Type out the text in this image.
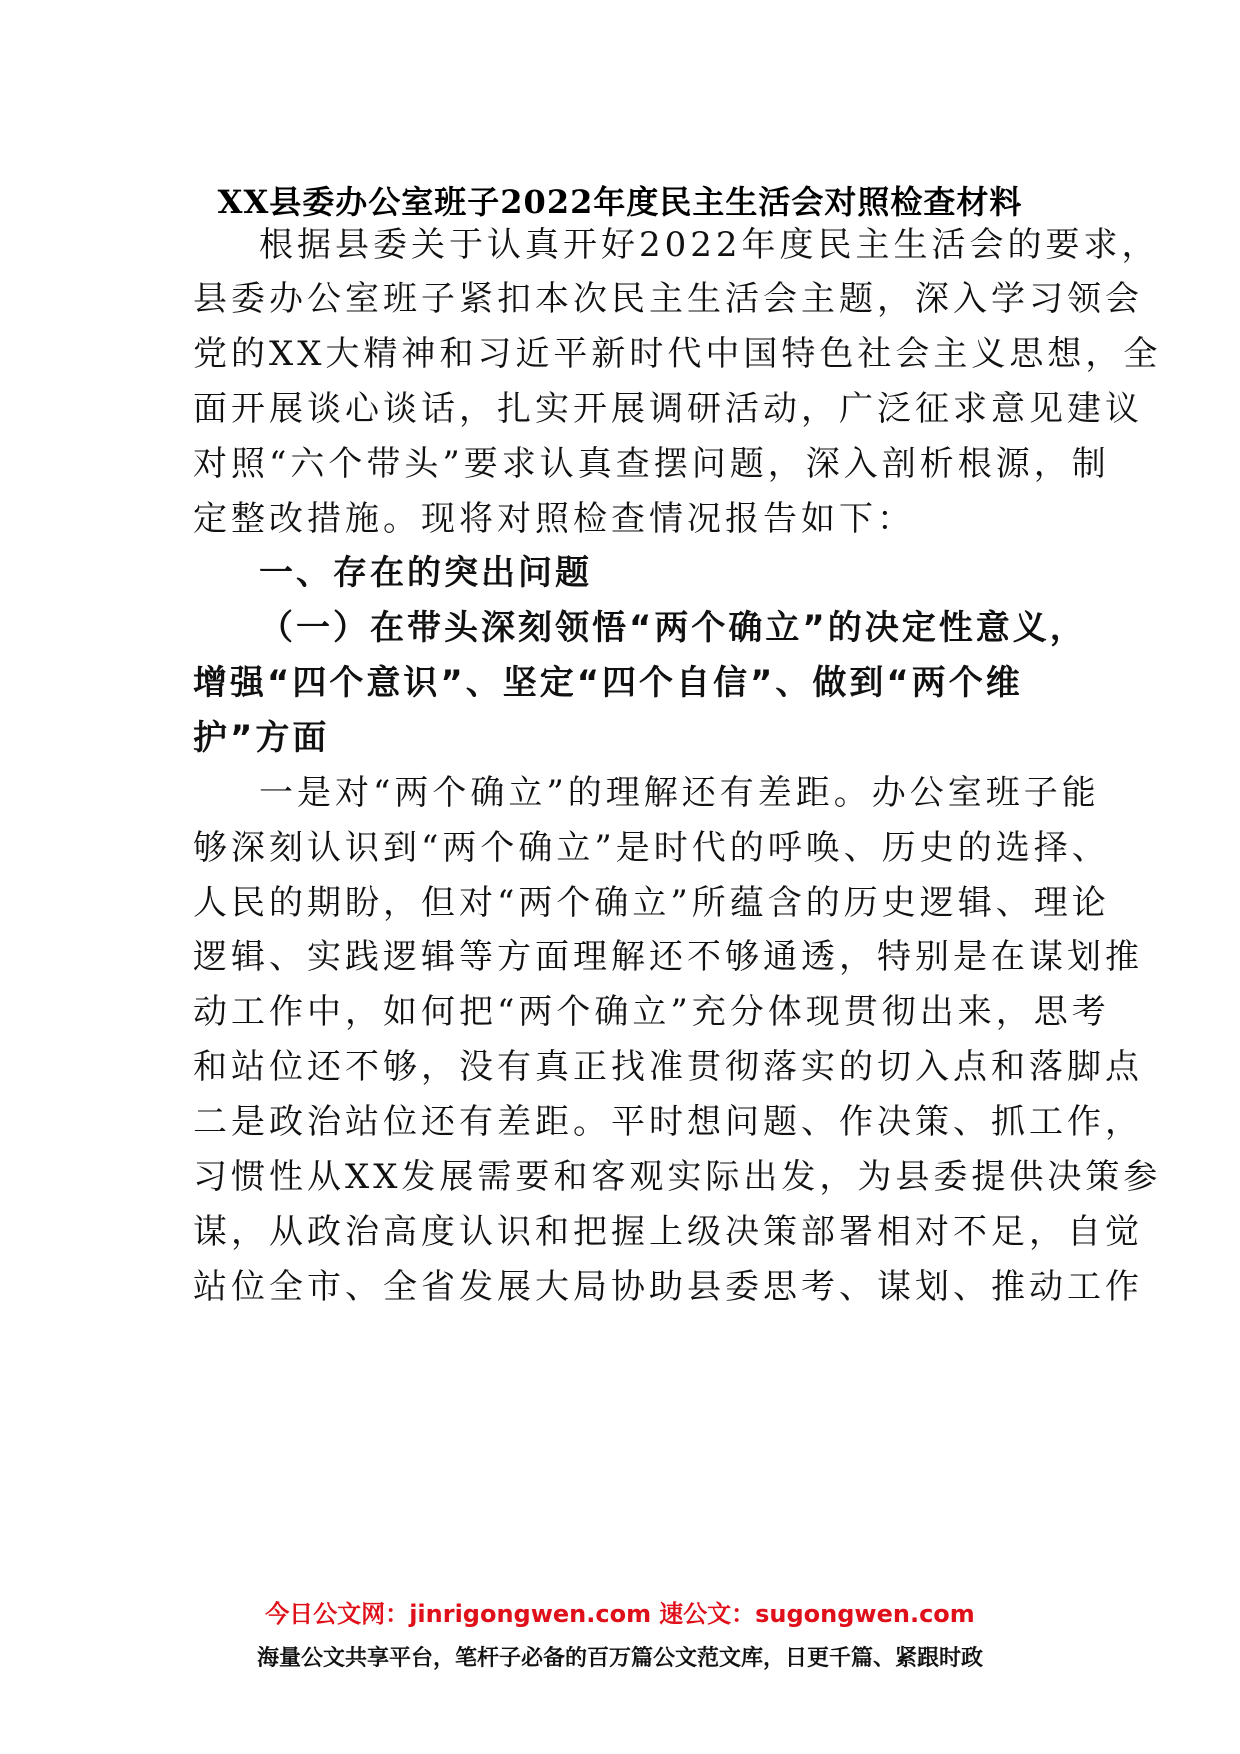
XX县委办公室班子2022年度民主生活会对照检查材料
根据县委关于认真开好2022年度民主生活会的要求，
县委办公室班子紧扣本次民主生活会主题，深入学习领会
党的XX大精神和习近平新时代中国特色社会主义思想，全
面开展谈心谈话，扎实开展调研活动，广泛征求意见建议
对照“六个带头”要求认真查摆问题，深入剖析根源，制
定整改措施。现将对照检查情况报告如下：
一、存在的突出问题
（一）在带头深刻领悟“两个确立”的决定性意义，
增强“四个意识”、坚定“四个自信”、做到“两个维
护”方面
一是对“两个确立”的理解还有差距。办公室班子能
够深刻认识到“两个确立”是时代的呼唤、历史的选择、
人民的期盼，但对“两个确立”所蕴含的历史逻辑、理论
逻辑、实践逻辑等方面理解还不够通透，特别是在谋划推
动工作中，如何把“两个确立”充分体现贯彻出来，思考
和站位还不够，没有真正找准贯彻落实的切入点和落脚点
二是政治站位还有差距。平时想问题、作决策、抓工作，
习惯性从XX发展需要和客观实际出发，为县委提供决策参
谋，从政治高度认识和把握上级决策部署相对不足，自觉
站位全市、全省发展大局协助县委思考、谋划、推动工作
今日公文网：jinrigongwen.com 速公文：sugongwen.com
海量公文共享平台，笔杆子必备的百万篇公文范文库，日更千篇、紧跟时政
